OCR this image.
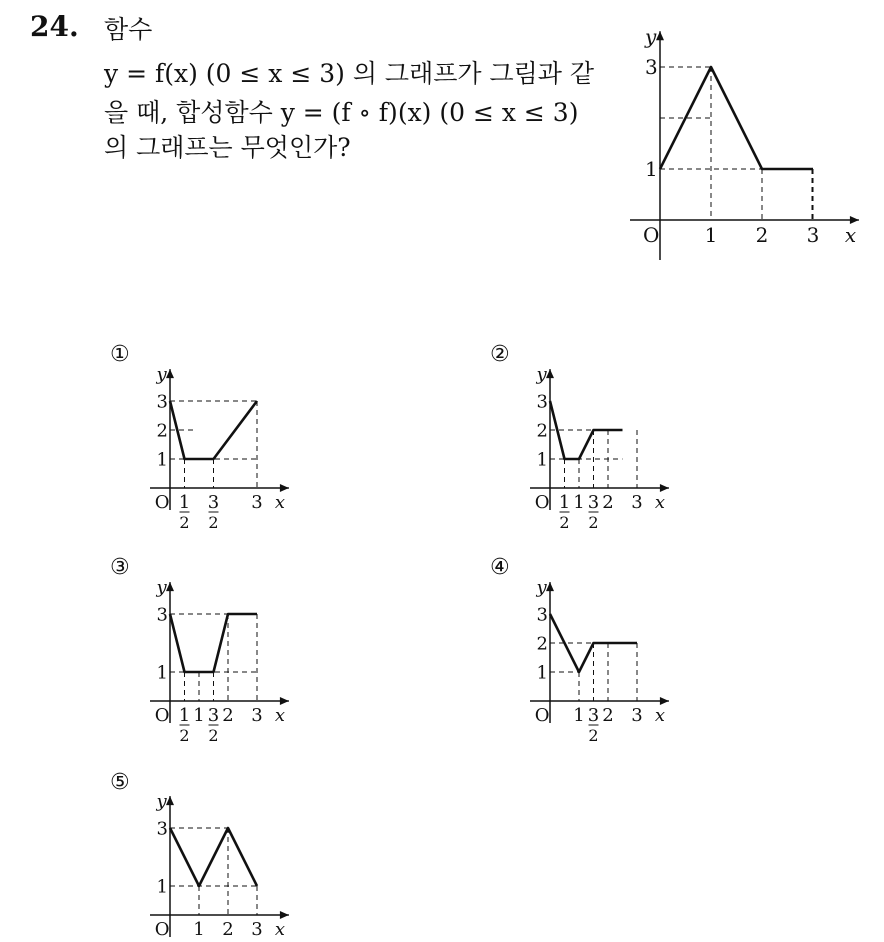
24. 함수
y = f(x) (0 ≤ x ≤ 3) 의 그래프가 그림과 같
을 때, 합성함수 y = (f ∘ f)(x) (0 ≤ x ≤ 3)
의 그래프는 무엇인가?
①	②
③	④
⑤
x
y
O
1
3
1 2 3
x
y
O
1
2
3
1
2
3
2
3	x
y
O
1
2
3
1
2
1 3
2
2 3
x
y
O
1
3
1
2
1 3
2
2 3	x
y
O
1
2
3
1 3
2
2 3
x
y
O
1
3
1 2 3
